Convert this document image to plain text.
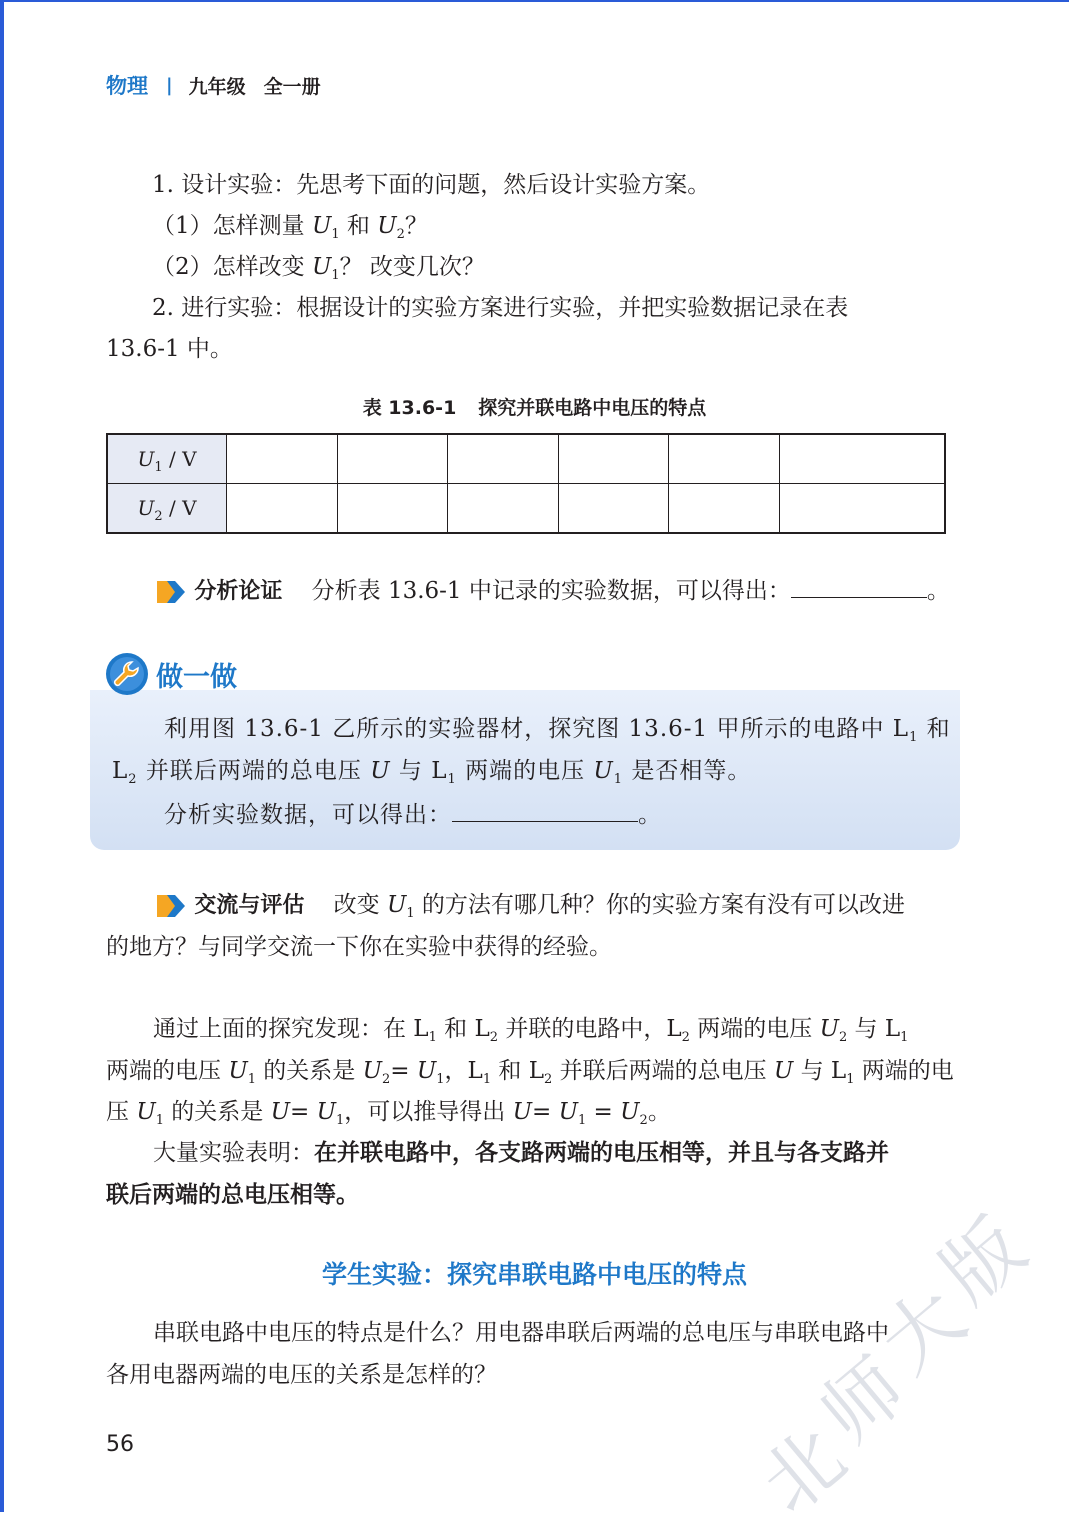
物理 | 九年级 全一册
1. 设计实验：先思考下面的问题，然后设计实验方案。
（1）怎样测量 $U_1$ 和 $U_2$？
（2）怎样改变 $U_1$？ 改变几次？
2. 进行实验：根据设计的实验方案进行实验，并把实验数据记录在表
13.6-1 中。
表 13.6-1 探究并联电路中电压的特点
$U_1$ / V						
$U_2$ / V						
分析论证 分析表 13.6-1 中记录的实验数据，可以得出：	。
做一做
利用图 13.6-1 乙所示的实验器材，探究图 13.6-1 甲所示的电路中 $L_1$ 和
$L_2$ 并联后两端的总电压 U 与 $L_1$ 两端的电压 $U_1$ 是否相等。
分析实验数据，可以得出：	。
交流与评估 改变 $U_1$ 的方法有哪几种？你的实验方案有没有可以改进
的地方？与同学交流一下你在实验中获得的经验。
通过上面的探究发现：在 $L_1$ 和 $L_2$ 并联的电路中，$L_2$ 两端的电压 $U_2$ 与 $L_1$
两端的电压 $U_1$ 的关系是 $U_2= U_1$，$L_1$ 和 $L_2$ 并联后两端的总电压 U 与 $L_1$ 两端的电
压 $U_1$ 的关系是 $U= U_1$，可以推导得出 $U= U_1 = U_2$。
大量实验表明：在并联电路中，各支路两端的电压相等，并且与各支路并
联后两端的总电压相等。
学生实验：探究串联电路中电压的特点
串联电路中电压的特点是什么？用电器串联后两端的总电压与串联电路中
各用电器两端的电压的关系是怎样的？
56	北
师
大
版
